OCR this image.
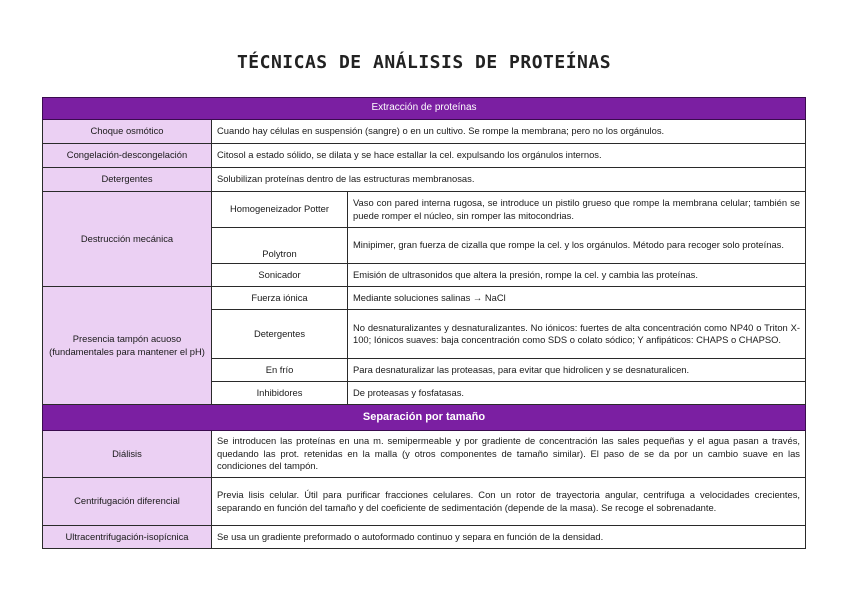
TÉCNICAS DE ANÁLISIS DE PROTEÍNAS
Extracción de proteínas		
Choque osmótico	Cuando hay células en suspensión (sangre) o en un cultivo. Se rompe la membrana; pero no los orgánulos.	
Congelación-descongelación	Citosol a estado sólido, se dilata y se hace estallar la cel. expulsando los orgánulos internos.	
Detergentes	Solubilizan proteínas dentro de las estructuras membranosas.	
Destrucción mecánica	Homogeneizador Potter	Vaso con pared interna rugosa, se introduce un pistilo grueso que rompe la membrana celular; también se puede romper el núcleo, sin romper las mitocondrias.
	Polytron	Minipimer, gran fuerza de cizalla que rompe la cel. y los orgánulos. Método para recoger solo proteínas.
	Sonicador	Emisión de ultrasonidos que altera la presión, rompe la cel. y cambia las proteínas.
Presencia tampón acuoso (fundamentales para mantener el pH)	Fuerza iónica	Mediante soluciones salinas → NaCl
	Detergentes	No desnaturalizantes y desnaturalizantes. No iónicos: fuertes de alta concentración como NP40 o Triton X-100; Iónicos suaves: baja concentración como SDS o colato sódico; Y anfipáticos: CHAPS o CHAPSO.
	En frío	Para desnaturalizar las proteasas, para evitar que hidrolicen y se desnaturalicen.
	Inhibidores	De proteasas y fosfatasas.
Separación por tamaño		
Diálisis	Se introducen las proteínas en una m. semipermeable y por gradiente de concentración las sales pequeñas y el agua pasan a través, quedando las prot. retenidas en la malla (y otros componentes de tamaño similar). El paso de se da por un cambio suave en las condiciones del tampón.	
Centrifugación diferencial	Previa lisis celular. Útil para purificar fracciones celulares. Con un rotor de trayectoria angular, centrifuga a velocidades crecientes, separando en función del tamaño y del coeficiente de sedimentación (depende de la masa). Se recoge el sobrenadante.	
Ultracentrifugación-isopícnica	Se usa un gradiente preformado o autoformado continuo y separa en función de la densidad.	
